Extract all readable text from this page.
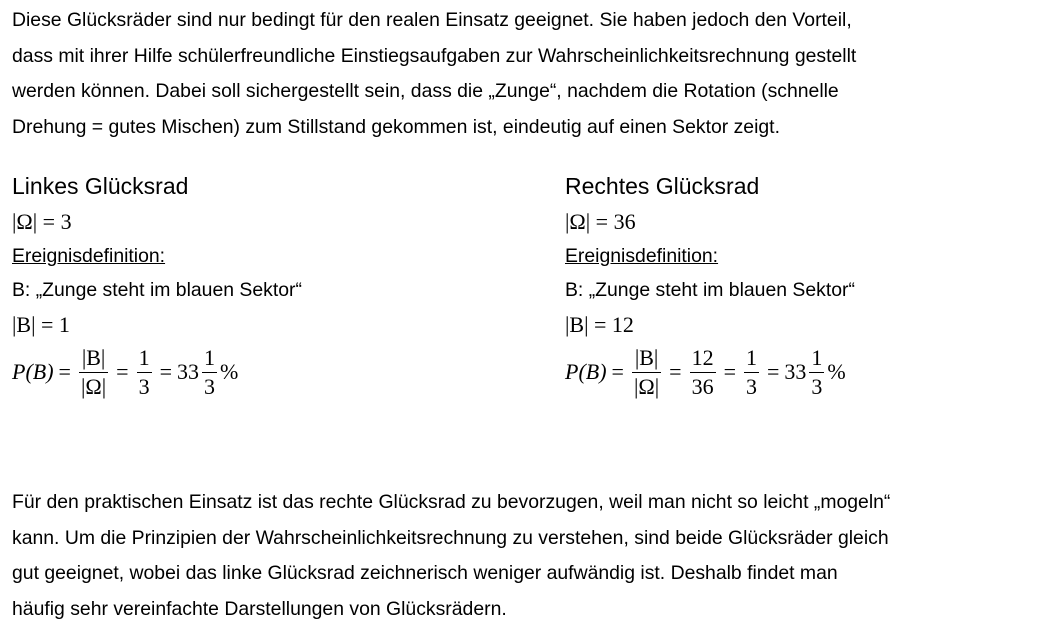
Diese Glücksräder sind nur bedingt für den realen Einsatz geeignet. Sie haben jedoch den Vorteil,
dass mit ihrer Hilfe schülerfreundliche Einstiegsaufgaben zur Wahrscheinlichkeitsrechnung gestellt
werden können. Dabei soll sichergestellt sein, dass die „Zunge“, nachdem die Rotation (schnelle
Drehung = gutes Mischen) zum Stillstand gekommen ist, eindeutig auf einen Sektor zeigt.

Linkes Glücksrad
|Ω| = 3
Ereignisdefinition:
B: „Zunge steht im blauen Sektor“
|B| = 1
P $(B) = \frac{|B|}{|\Omega|} = \frac{1}{3} = 33 \frac{1}{3}$ %
Rechtes Glücksrad
|Ω| = 36
Ereignisdefinition:
B: „Zunge steht im blauen Sektor“
|B| = 12
P $(B) = \frac{|B|}{|\Omega|} = \frac{12}{36} = \frac{1}{3} = 33 \frac{1}{3}$ %

Für den praktischen Einsatz ist das rechte Glücksrad zu bevorzugen, weil man nicht so leicht „mogeln“
kann. Um die Prinzipien der Wahrscheinlichkeitsrechnung zu verstehen, sind beide Glücksräder gleich
gut geeignet, wobei das linke Glücksrad zeichnerisch weniger aufwändig ist. Deshalb findet man
häufig sehr vereinfachte Darstellungen von Glücksrädern.
